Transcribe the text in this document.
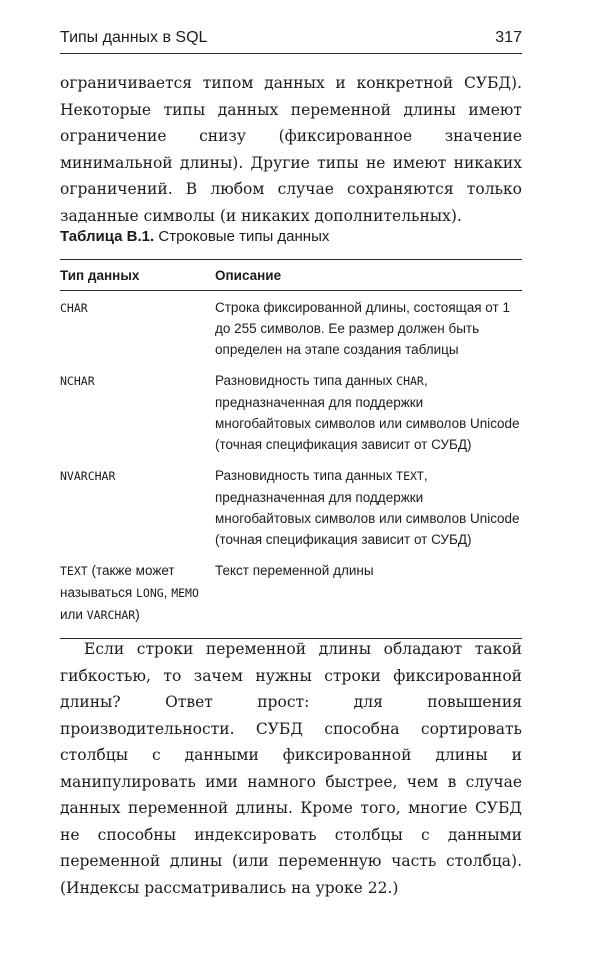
Типы данных в SQL	317

ограничивается типом данных и конкретной СУБД). Некоторые типы данных переменной длины имеют ограничение снизу (фиксированное значение минимальной длины). Другие типы не имеют никаких ограничений. В любом случае сохраняются только заданные символы (и никаких дополнительных).

Таблица В.1. Строковые типы данных
Тип данных	Описание
CHAR	Строка фиксированной длины, состоящая от 1 до 255 символов. Ее размер должен быть определен на этапе создания таблицы
NCHAR	Разновидность типа данных CHAR, предназначенная для поддержки многобайтовых символов или символов Unicode (точная спецификация зависит от СУБД)
NVARCHAR	Разновидность типа данных TEXT, предназначенная для поддержки многобайтовых символов или символов Unicode (точная спецификация зависит от СУБД)
TEXT (также может называться LONG, MEMO или VARCHAR)	Текст переменной длины

Если строки переменной длины обладают такой гибкостью, то зачем нужны строки фиксированной длины? Ответ прост: для повышения производительности. СУБД способна сортировать столбцы с данными фиксированной длины и манипулировать ими намного быстрее, чем в случае данных переменной длины. Кроме того, многие СУБД не способны индексировать столбцы с данными переменной длины (или переменную часть столбца). (Индексы рассматривались на уроке 22.)
